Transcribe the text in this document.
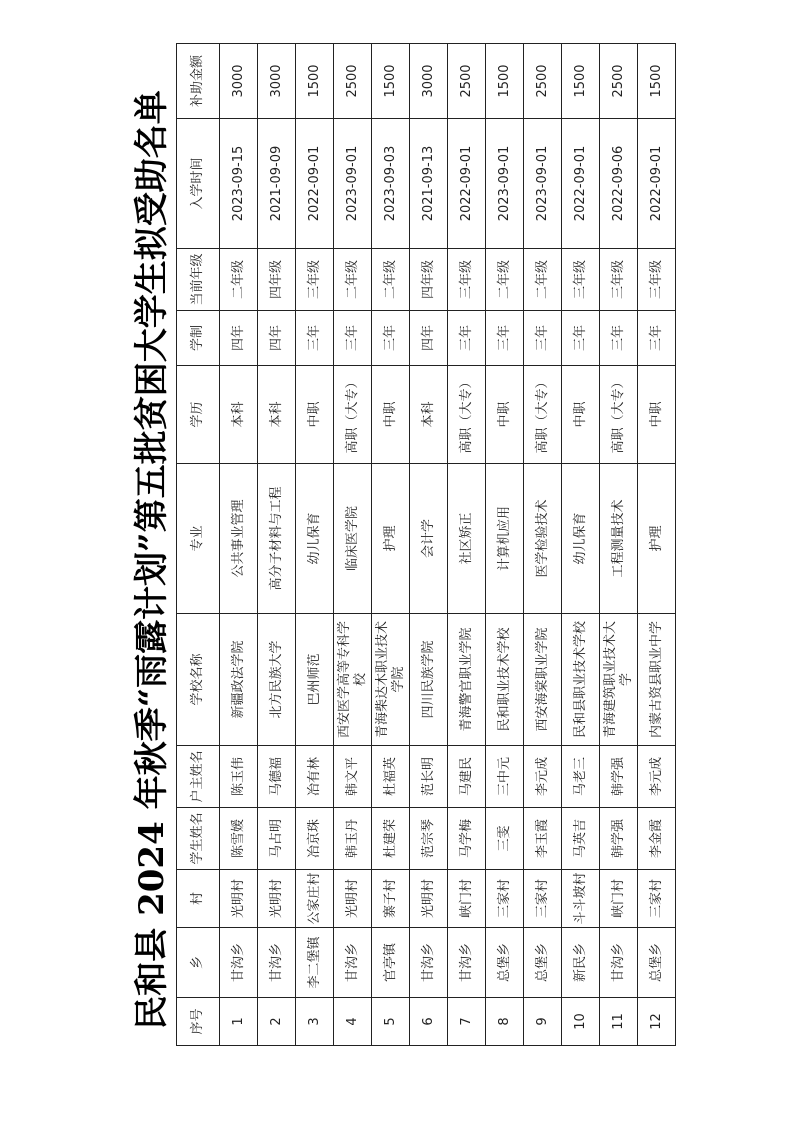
民和县 2024 年秋季“雨露计划”第五批贫困大学生拟受助名单	序号	乡	村	学生姓名	户主姓名	学校名称	专业	学历	学制	当前年级	入学时间	补助金额
1	甘沟乡	光明村	陈雪媛	陈玉伟	新疆政法学院	公共事业管理	本科	四年	二年级	2023-09-15	3000
2	甘沟乡	光明村	马占明	马德福	北方民族大学	高分子材料与工程	本科	四年	四年级	2021-09-09	3000
3	李二堡镇	公家庄村	冶京珠	冶有林	巴州师范	幼儿保育	中职	三年	三年级	2022-09-01	1500
4	甘沟乡	光明村	韩玉丹	韩文平	西安医学高等专科学校	临床医学院	高职（大专）	三年	二年级	2023-09-01	2500
5	官亭镇	寨子村	杜建荣	杜福英	青海柴达木职业技术学院	护理	中职	三年	二年级	2023-09-03	1500
6	甘沟乡	光明村	范宗琴	范长明	四川民族学院	会计学	本科	四年	四年级	2021-09-13	3000
7	甘沟乡	峡门村	马学梅	马建民	青海警官职业学院	社区矫正	高职（大专）	三年	三年级	2022-09-01	2500
8	总堡乡	三家村	三雯	三中元	民和职业技术学校	计算机应用	中职	三年	二年级	2023-09-01	1500
9	总堡乡	三家村	李玉霞	李元成	西安海棠职业学院	医学检验技术	高职（大专）	三年	二年级	2023-09-01	2500
10	新民乡	斗斗坡村	马英吉	马老三	民和县职业技术学校	幼儿保育	中职	三年	三年级	2022-09-01	1500
11	甘沟乡	峡门村	韩学强	韩学强	青海建筑职业技术大学	工程测量技术	高职（大专）	三年	三年级	2022-09-06	2500
12	总堡乡	三家村	李金霞	李元成	内蒙古资县职业中学	护理	中职	三年	三年级	2022-09-01	1500
